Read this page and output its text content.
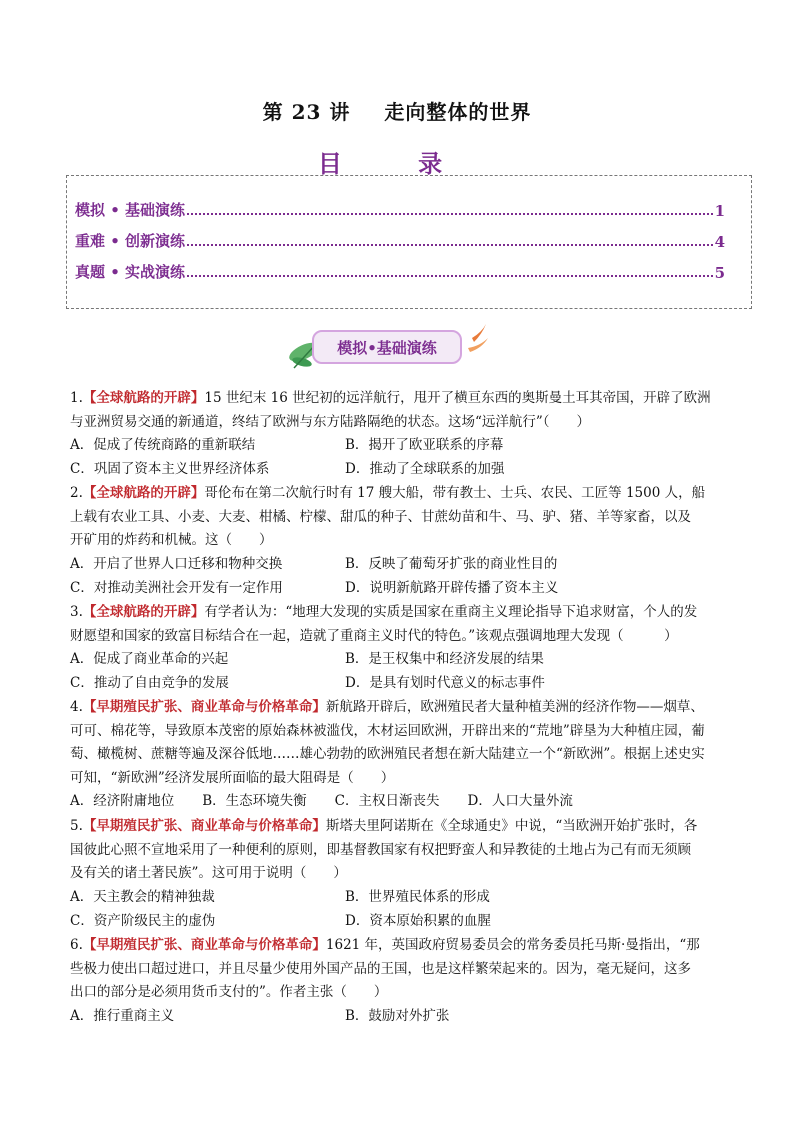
第 23 讲 走向整体的世界
目 录
模拟 • 基础演练	1
重难 • 创新演练	4
真题 • 实战演练	5
模拟•基础演练

1.【全球航路的开辟】15 世纪末 16 世纪初的远洋航行，甩开了横亘东西的奥斯曼土耳其帝国，开辟了欧洲

与亚洲贸易交通的新通道，终结了欧洲与东方陆路隔绝的状态。这场“远洋航行”（　　）

A．促成了传统商路的重新联结	B．揭开了欧亚联系的序幕
C．巩固了资本主义世界经济体系	D．推动了全球联系的加强

2.【全球航路的开辟】哥伦布在第二次航行时有 17 艘大船，带有教士、士兵、农民、工匠等 1500 人，船

上载有农业工具、小麦、大麦、柑橘、柠檬、甜瓜的种子、甘蔗幼苗和牛、马、驴、猪、羊等家畜，以及

开矿用的炸药和机械。这（　　）

A．开启了世界人口迁移和物种交换	B．反映了葡萄牙扩张的商业性目的
C．对推动美洲社会开发有一定作用	D．说明新航路开辟传播了资本主义

3.【全球航路的开辟】有学者认为：“地理大发现的实质是国家在重商主义理论指导下追求财富，个人的发

财愿望和国家的致富目标结合在一起，造就了重商主义时代的特色。”该观点强调地理大发现（　　　）

A．促成了商业革命的兴起	B．是王权集中和经济发展的结果
C．推动了自由竞争的发展	D．是具有划时代意义的标志事件

4.【早期殖民扩张、商业革命与价格革命】新航路开辟后，欧洲殖民者大量种植美洲的经济作物——烟草、

可可、棉花等，导致原本茂密的原始森林被滥伐，木材运回欧洲，开辟出来的“荒地”辟垦为大种植庄园，葡

萄、橄榄树、蔗糖等遍及深谷低地……雄心勃勃的欧洲殖民者想在新大陆建立一个“新欧洲”。根据上述史实

可知，“新欧洲”经济发展所面临的最大阻碍是（　　）

A．经济附庸地位 B．生态环境失衡 C．主权日渐丧失 D．人口大量外流

5.【早期殖民扩张、商业革命与价格革命】斯塔夫里阿诺斯在《全球通史》中说，“当欧洲开始扩张时，各

国彼此心照不宣地采用了一种便利的原则，即基督教国家有权把野蛮人和异教徒的土地占为己有而无须顾

及有关的诸土著民族”。这可用于说明（　　）

A．天主教会的精神独裁	B．世界殖民体系的形成
C．资产阶级民主的虚伪	D．资本原始积累的血腥

6.【早期殖民扩张、商业革命与价格革命】1621 年，英国政府贸易委员会的常务委员托马斯·曼指出，“那

些极力使出口超过进口，并且尽量少使用外国产品的王国，也是这样繁荣起来的。因为，毫无疑问，这多

出口的部分是必须用货币支付的”。作者主张（　　）

A．推行重商主义	B．鼓励对外扩张
